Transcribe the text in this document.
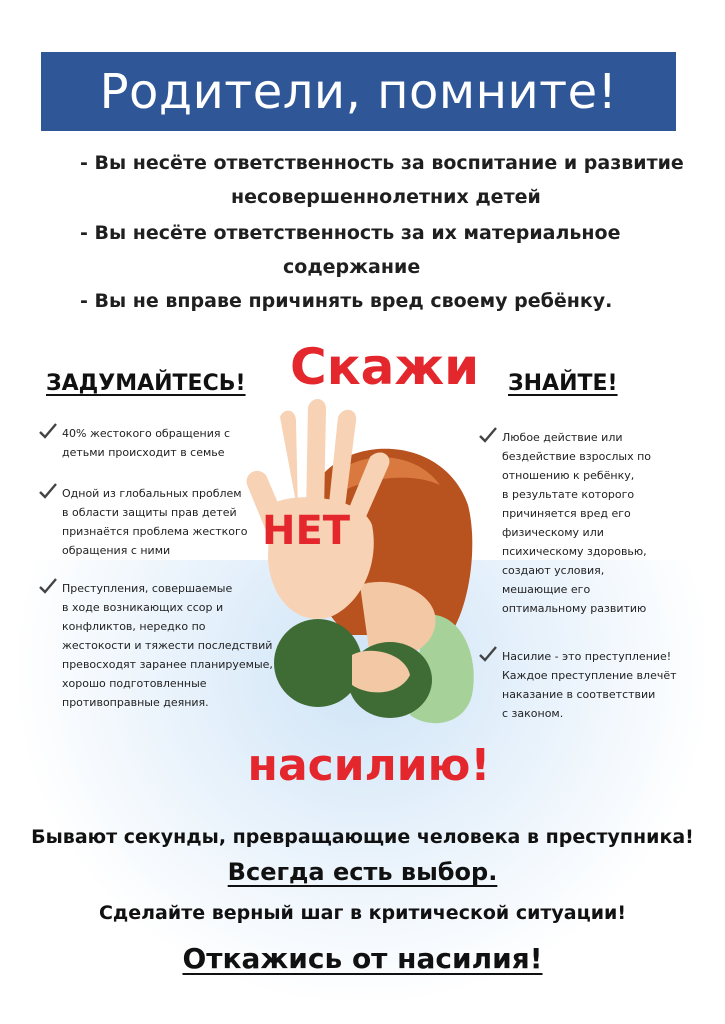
Родители, помните!
- Вы несёте ответственность за воспитание и развитие
несовершеннолетних детей
- Вы несёте ответственность за их материальное
содержание
- Вы не вправе причинять вред своему ребёнку.
ЗАДУМАЙТЕСЬ!	ЗНАЙТЕ!
Скажи
НЕТ
40% жестокого обращения с
детьми происходит в семье
Одной из глобальных проблем
в области защиты прав детей
признаётся проблема жесткого
обращения с ними
Преступления, совершаемые
в ходе возникающих ссор и
конфликтов, нередко по
жестокости и тяжести последствий
превосходят заранее планируемые,
хорошо подготовленные
противоправные деяния.
Любое действие или
бездействие взрослых по
отношению к ребёнку,
в результате которого
причиняется вред его
физическому или
психическому здоровью,
создают условия,
мешающие его
оптимальному развитию
Насилие - это преступление!
Каждое преступление влечёт
наказание в соответствии
с законом.
насилию!
Бывают секунды, превращающие человека в преступника!
Всегда есть выбор.
Сделайте верный шаг в критической ситуации!
Откажись от насилия!
